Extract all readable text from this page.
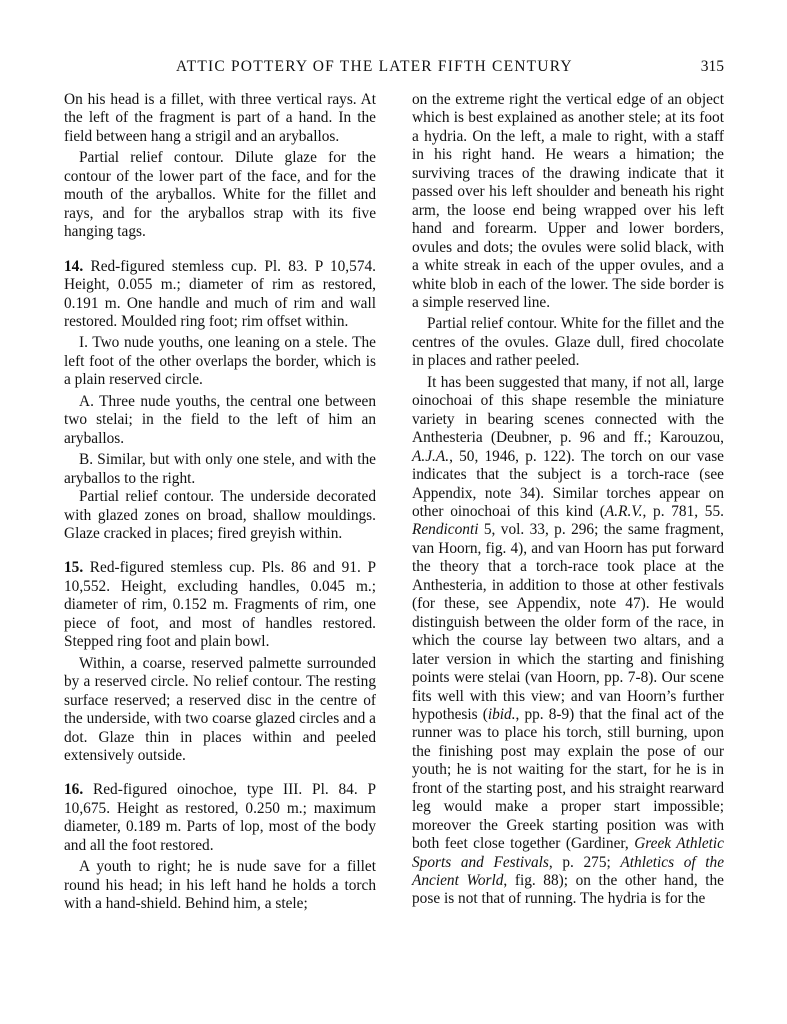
ATTIC POTTERY OF THE LATER FIFTH CENTURY	315

On his head is a fillet, with three vertical rays. At the left of the fragment is part of a hand. In the field between hang a strigil and an aryballos.

Partial relief contour. Dilute glaze for the contour of the lower part of the face, and for the mouth of the aryballos. White for the fillet and rays, and for the aryballos strap with its five hanging tags.

14. Red-figured stemless cup. Pl. 83. P 10,574. Height, 0.055 m.; diameter of rim as restored, 0.191 m. One handle and much of rim and wall restored. Moulded ring foot; rim offset within.

I. Two nude youths, one leaning on a stele. The left foot of the other overlaps the border, which is a plain reserved circle.

A. Three nude youths, the central one between two stelai; in the field to the left of him an aryballos.

B. Similar, but with only one stele, and with the aryballos to the right.

Partial relief contour. The underside decorated with glazed zones on broad, shallow mouldings. Glaze cracked in places; fired greyish within.

15. Red-figured stemless cup. Pls. 86 and 91. P 10,552. Height, excluding handles, 0.045 m.; diameter of rim, 0.152 m. Fragments of rim, one piece of foot, and most of handles restored. Stepped ring foot and plain bowl.

Within, a coarse, reserved palmette surrounded by a reserved circle. No relief contour. The resting surface reserved; a reserved disc in the centre of the underside, with two coarse glazed circles and a dot. Glaze thin in places within and peeled extensively outside.

16. Red-figured oinochoe, type III. Pl. 84. P 10,675. Height as restored, 0.250 m.; maximum diameter, 0.189 m. Parts of lop, most of the body and all the foot restored.

A youth to right; he is nude save for a fillet round his head; in his left hand he holds a torch with a hand-shield. Behind him, a stele;

on the extreme right the vertical edge of an object which is best explained as another stele; at its foot a hydria. On the left, a male to right, with a staff in his right hand. He wears a himation; the surviving traces of the drawing indicate that it passed over his left shoulder and beneath his right arm, the loose end being wrapped over his left hand and forearm. Upper and lower borders, ovules and dots; the ovules were solid black, with a white streak in each of the upper ovules, and a white blob in each of the lower. The side border is a simple reserved line.

Partial relief contour. White for the fillet and the centres of the ovules. Glaze dull, fired chocolate in places and rather peeled.

It has been suggested that many, if not all, large oinochoai of this shape resemble the miniature variety in bearing scenes connected with the Anthesteria (Deubner, p. 96 and ff.; Karouzou, A.J.A., 50, 1946, p. 122). The torch on our vase indicates that the subject is a torch-race (see Appendix, note 34). Similar torches appear on other oinochoai of this kind (A.R.V., p. 781, 55. Rendiconti 5, vol. 33, p. 296; the same fragment, van Hoorn, fig. 4), and van Hoorn has put forward the theory that a torch-race took place at the Anthesteria, in addition to those at other festivals (for these, see Appendix, note 47). He would distinguish between the older form of the race, in which the course lay between two altars, and a later version in which the starting and finishing points were stelai (van Hoorn, pp. 7-8). Our scene fits well with this view; and van Hoorn’s further hypothesis (ibid., pp. 8-9) that the final act of the runner was to place his torch, still burning, upon the finishing post may explain the pose of our youth; he is not waiting for the start, for he is in front of the starting post, and his straight rearward leg would make a proper start impossible; moreover the Greek starting position was with both feet close together (Gardiner, Greek Athletic Sports and Festivals, p. 275; Athletics of the Ancient World, fig. 88); on the other hand, the pose is not that of running. The hydria is for the
